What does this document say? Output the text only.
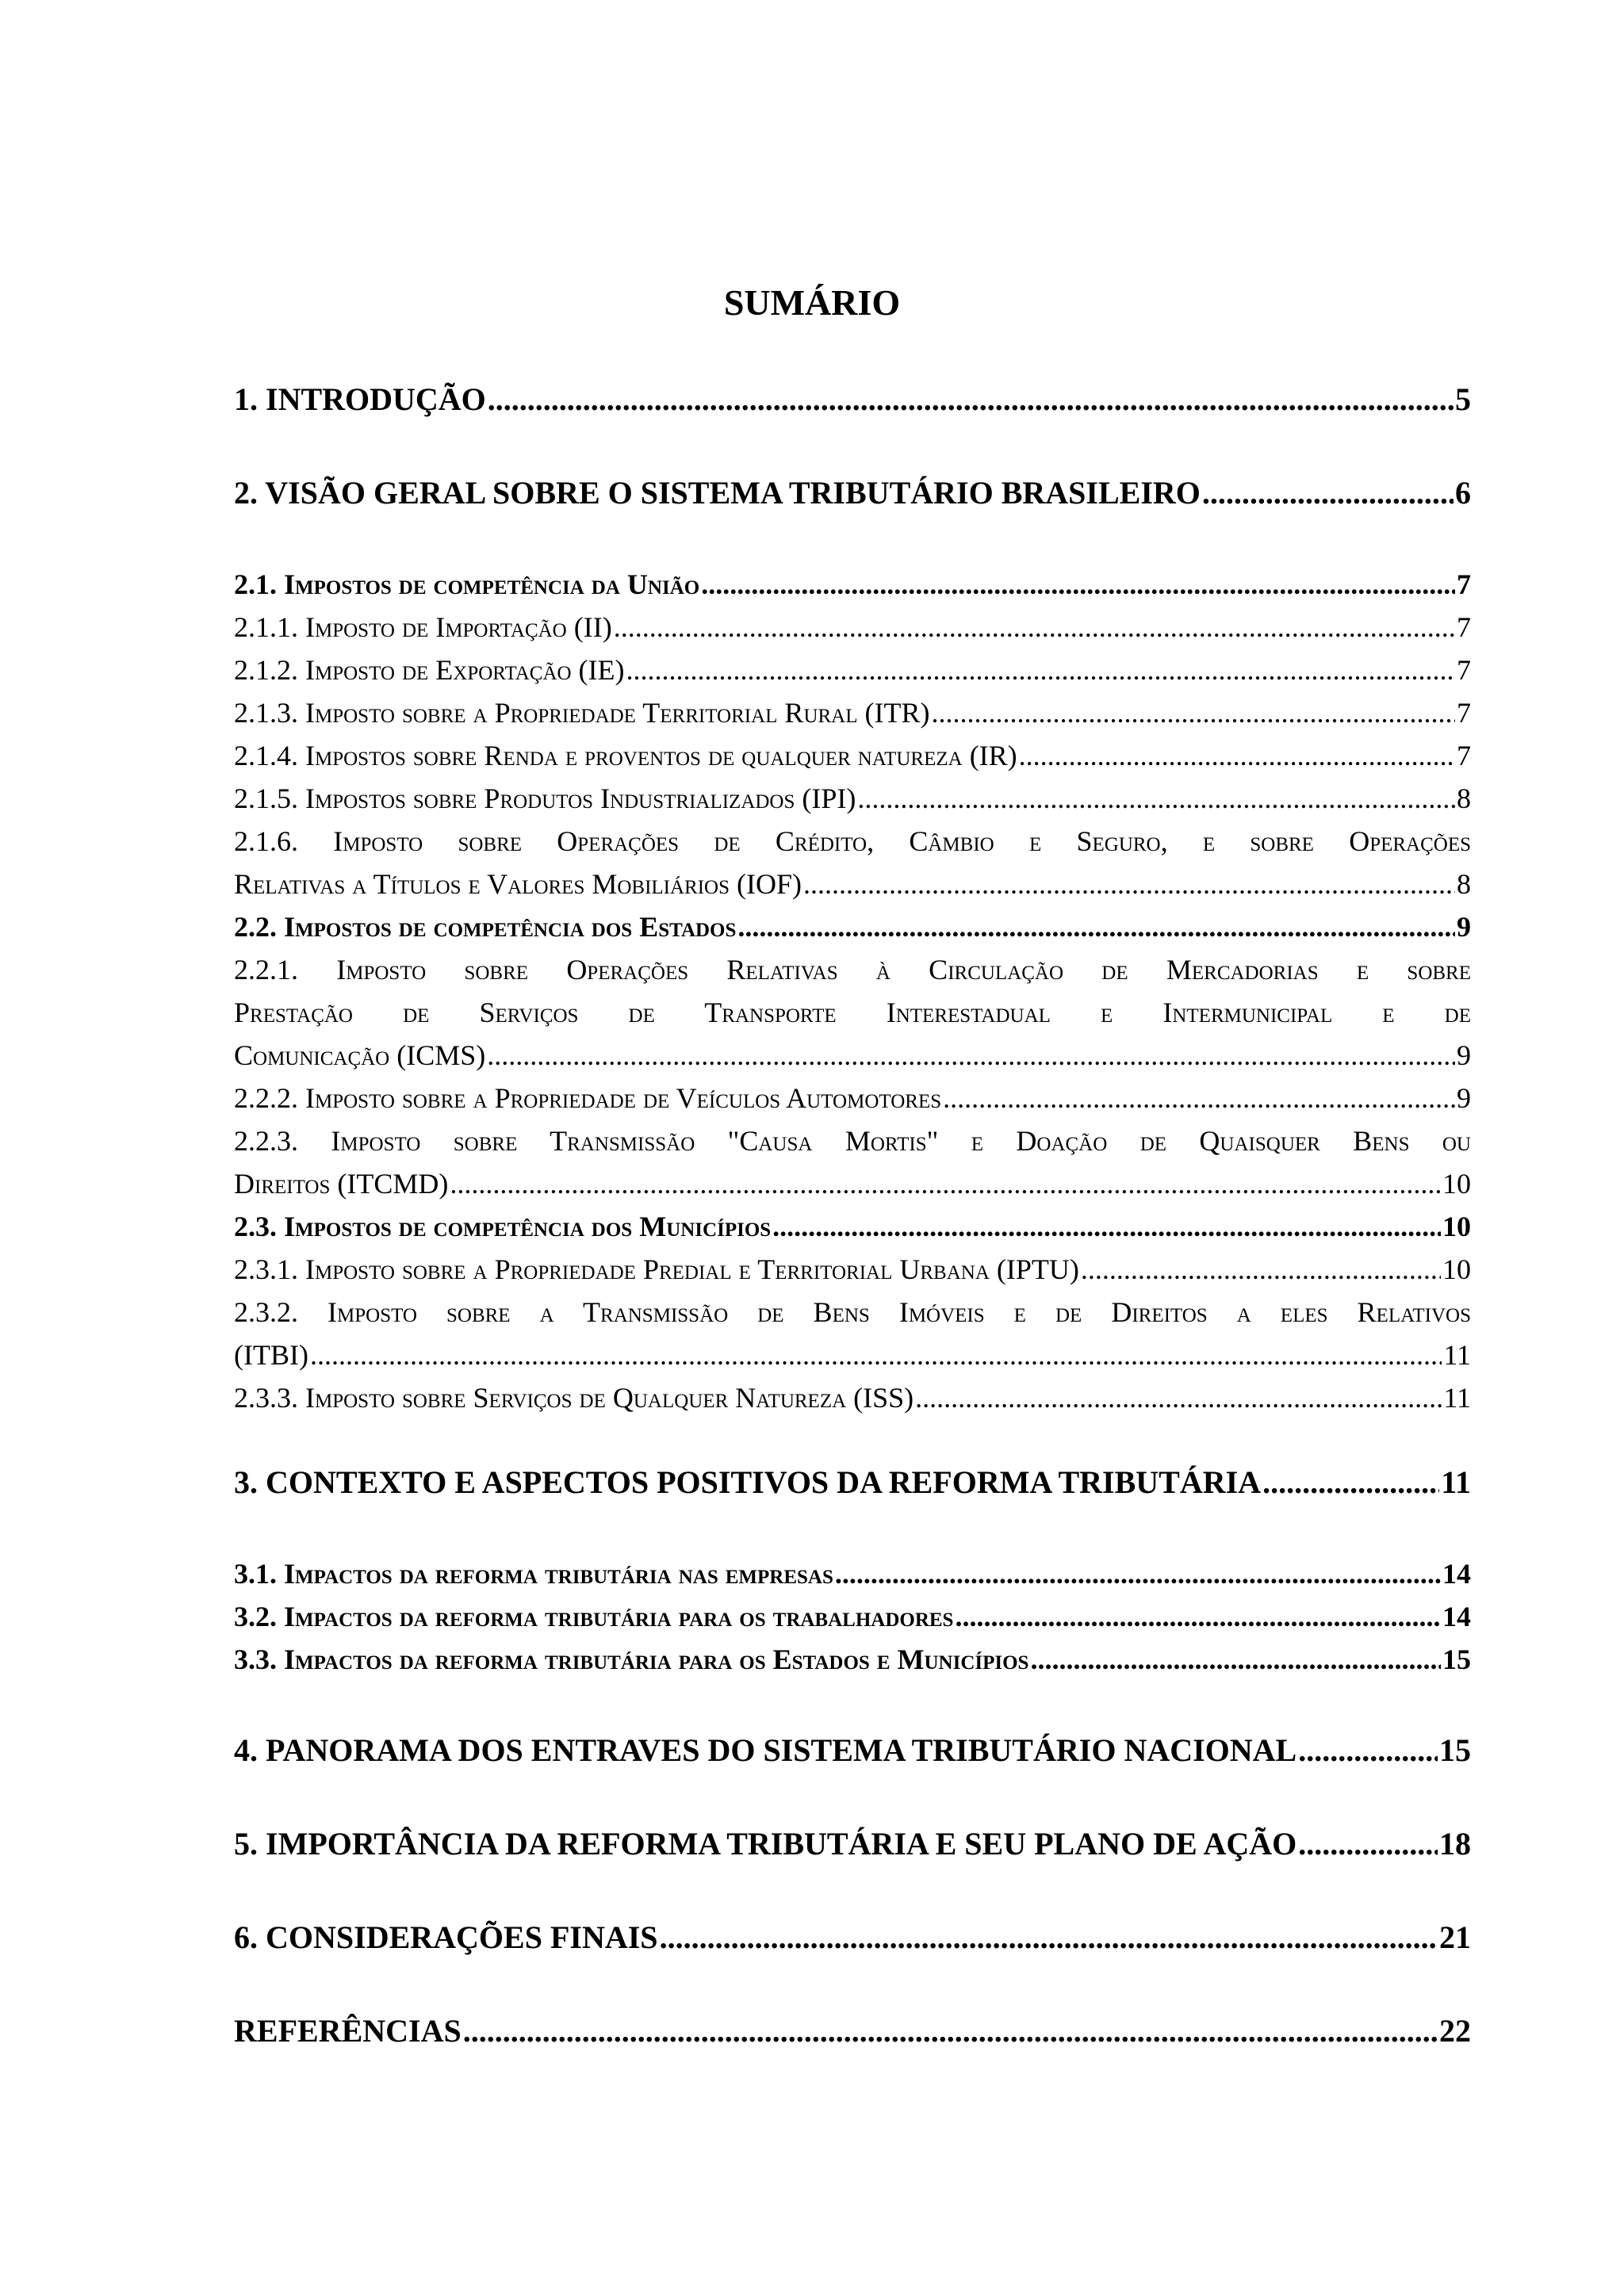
SUMÁRIO
1. INTRODUÇÃO .....	5
2. VISÃO GERAL SOBRE O SISTEMA TRIBUTÁRIO BRASILEIRO .....	6
2.1. Impostos de competência da União .....	7
2.1.1. Imposto de Importação (II) .....	7
2.1.2. Imposto de Exportação (IE) .....	7
2.1.3. Imposto sobre a Propriedade Territorial Rural (ITR) .....	7
2.1.4. Impostos sobre Renda e proventos de qualquer natureza (IR) .....	7
2.1.5. Impostos sobre Produtos Industrializados (IPI) .....	8
2.1.6. Imposto sobre Operações de Crédito, Câmbio e Seguro, e sobre Operações
Relativas a Títulos e Valores Mobiliários (IOF) .....	8
2.2. Impostos de competência dos Estados .....	9
2.2.1. Imposto sobre Operações Relativas à Circulação de Mercadorias e sobre
Prestação de Serviços de Transporte Interestadual e Intermunicipal e de
Comunicação (ICMS) .....	9
2.2.2. Imposto sobre a Propriedade de Veículos Automotores .....	9
2.2.3. Imposto sobre Transmissão "Causa Mortis" e Doação de Quaisquer Bens ou
Direitos (ITCMD) .....	10
2.3. Impostos de competência dos Municípios .....	10
2.3.1. Imposto sobre a Propriedade Predial e Territorial Urbana (IPTU) .....	10
2.3.2. Imposto sobre a Transmissão de Bens Imóveis e de Direitos a eles Relativos
(ITBI) .....	11
2.3.3. Imposto sobre Serviços de Qualquer Natureza (ISS) .....	11
3. CONTEXTO E ASPECTOS POSITIVOS DA REFORMA TRIBUTÁRIA .....	11
3.1. Impactos da reforma tributária nas empresas .....	14
3.2. Impactos da reforma tributária para os trabalhadores .....	14
3.3. Impactos da reforma tributária para os Estados e Municípios .....	15
4. PANORAMA DOS ENTRAVES DO SISTEMA TRIBUTÁRIO NACIONAL .....	15
5. IMPORTÂNCIA DA REFORMA TRIBUTÁRIA E SEU PLANO DE AÇÃO .....	18
6. CONSIDERAÇÕES FINAIS .....	21
REFERÊNCIAS .....	22
